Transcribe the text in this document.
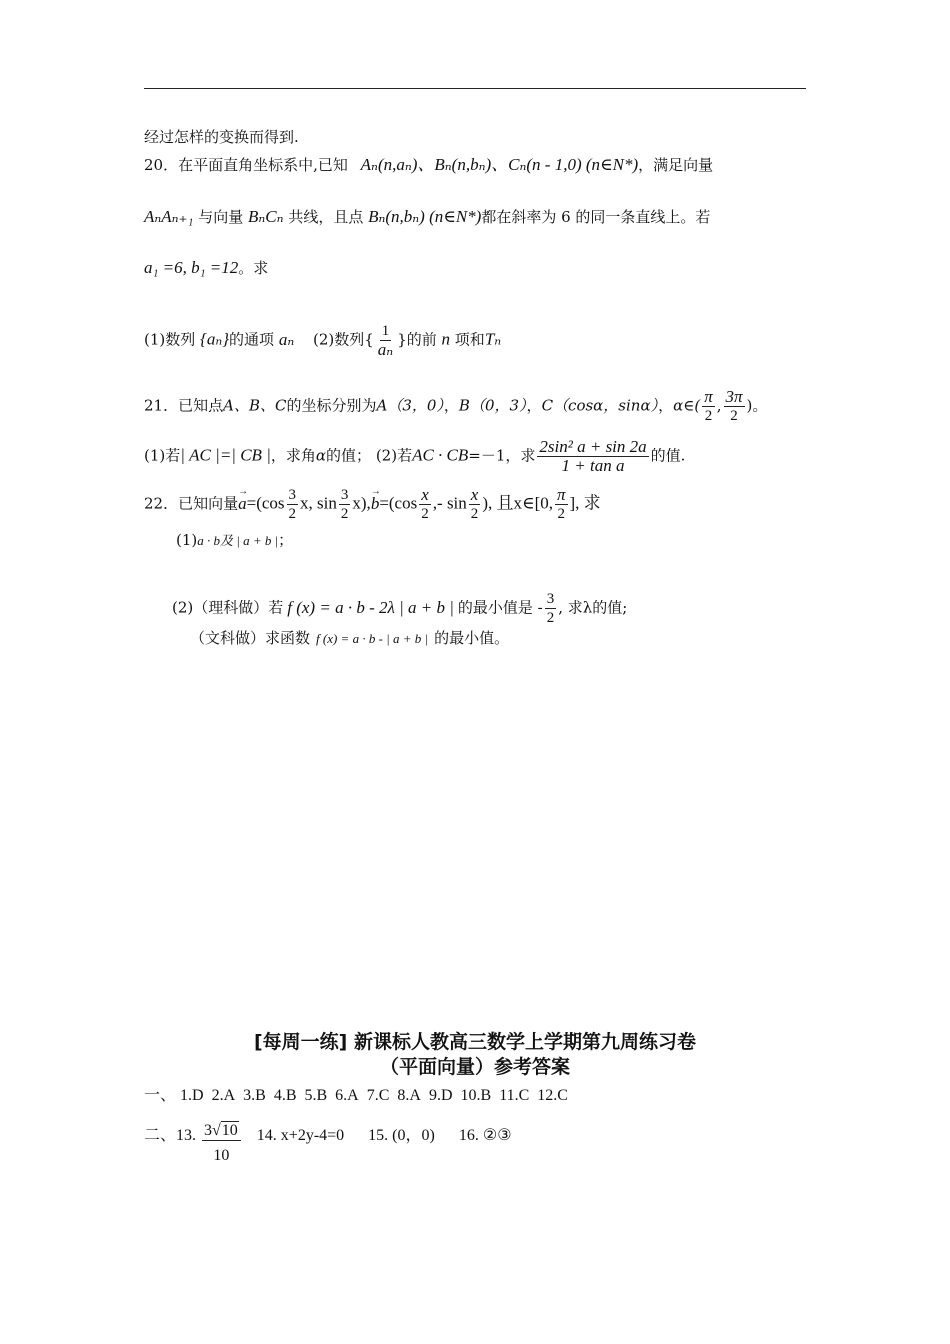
经过怎样的变换而得到.
20．在平面直角坐标系中,已知 Aₙ(n,aₙ)、Bₙ(n,bₙ)、Cₙ(n - 1,0) (n∈N*)，满足向量
AₙAₙ₊₁ 与向量 BₙCₙ 共线，且点 Bₙ(n,bₙ) (n∈N*)都在斜率为 6 的同一条直线上。若
a₁ =6, b₁ =12。求
(1)数列 {aₙ}的通项 aₙ (2)数列{ $\frac{1}{\text{aₙ}}$ }的前 n 项和Tₙ
21．已知点A、B、C的坐标分别为A（3，0），B（0，3），C（cosα，sinα），α∈( $\frac{\pi}{2}$ , $\frac{3\pi}{2}$ )。
(1)若| AC |=| CB |，求角α的值； (2)若AC · CB=－1，求 $\frac{\text{2sin² a + sin 2a}}{\text{1 + tan a}}$ 的值.
22．已知向量→ $a=(\cos \frac{3}{2} x$, $\sin \frac{3}{2} x),\to b=(\cos \frac{x}{2}$ ,- $\sin \frac{x}{2}$ ), 且x∈[0, $\frac{\pi}{2}$ ], 求
(1)a · b及 | a + b |；
(2)（理科做）若 f (x) = a · b - 2λ | a + b | 的最小值是 - $\frac{3}{2}$ , 求λ的值;
（文科做）求函数 f (x) = a · b - | a + b | 的最小值。
[每周一练] 新课标人教高三数学上学期第九周练习卷
（平面向量）参考答案
一、 1.D 2.A 3.B 4.B 5.B 6.A 7.C 8.A 9.D 10.B 11.C 12.C
二、13. $\frac{3√10}{10} 14$. x+2y-4=0 15. (0，0) 16. ②③
